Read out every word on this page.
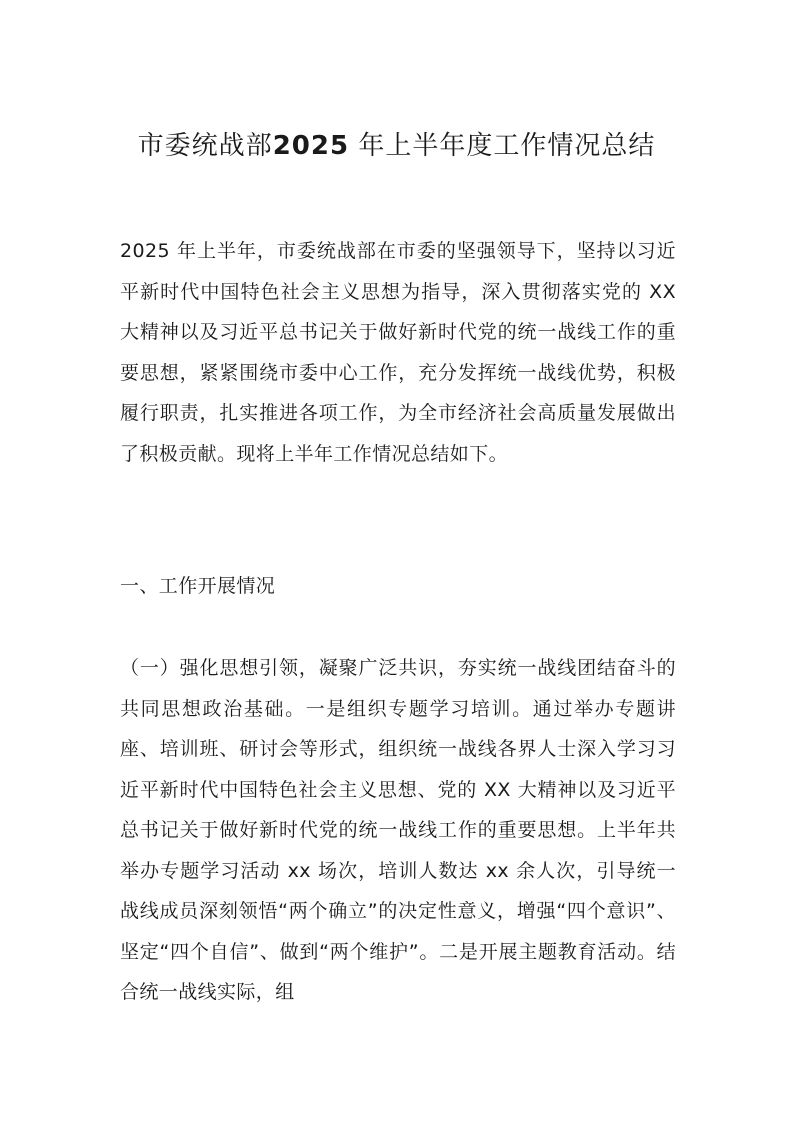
市委统战部2025 年上半年度工作情况总结

2025 年上半年，市委统战部在市委的坚强领导下，坚持以习近平新时代中国特色社会主义思想为指导，深入贯彻落实党的 XX 大精神以及习近平总书记关于做好新时代党的统一战线工作的重要思想，紧紧围绕市委中心工作，充分发挥统一战线优势，积极履行职责，扎实推进各项工作，为全市经济社会高质量发展做出了积极贡献。现将上半年工作情况总结如下。

一、工作开展情况

（一）强化思想引领，凝聚广泛共识，夯实统一战线团结奋斗的共同思想政治基础。一是组织专题学习培训。通过举办专题讲座、培训班、研讨会等形式，组织统一战线各界人士深入学习习近平新时代中国特色社会主义思想、党的 XX 大精神以及习近平总书记关于做好新时代党的统一战线工作的重要思想。上半年共举办专题学习活动 xx 场次，培训人数达 xx 余人次，引导统一战线成员深刻领悟“两个确立”的决定性意义，增强“四个意识”、坚定“四个自信”、做到“两个维护”。二是开展主题教育活动。结合统一战线实际，组
